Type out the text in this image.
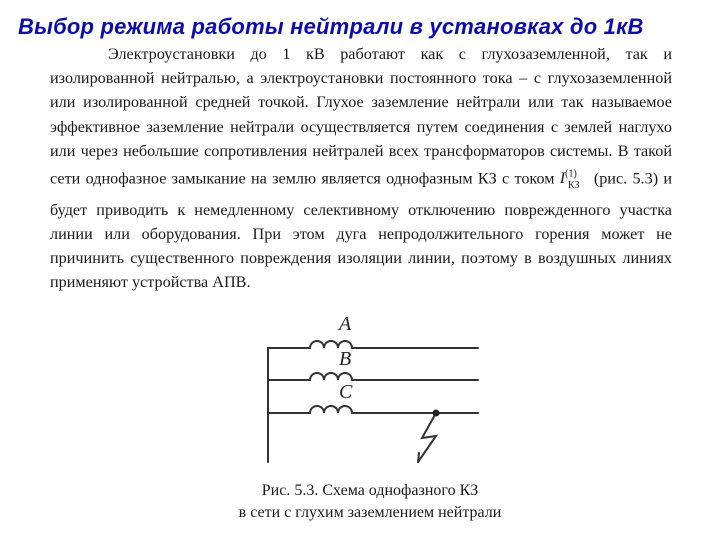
Выбор режима работы нейтрали в установках до 1кВ

Электроустановки до 1 кВ работают как с глухозаземленной, так и изолированной нейтралью, а электроустановки постоянного тока – с глухозаземленной или изолированной средней точкой. Глухое заземление нейтрали или так называемое эффективное заземление нейтрали осуществляется путем соединения с землей наглухо или через небольшие сопротивления нейтралей всех трансформаторов системы. В такой сети однофазное замыкание на землю является однофазным КЗ с током $I^{(1)}_{КЗ}$ (рис. 5.3) и будет приводить к немедленному селективному отключению поврежденного участка линии или оборудования. При этом дуга непродолжительного горения может не причинить существенного повреждения изоляции линии, поэтому в воздушных линиях применяют устройства АПВ.

A
B
C
Рис. 5.3. Схема однофазного КЗ
в сети с глухим заземлением нейтрали
